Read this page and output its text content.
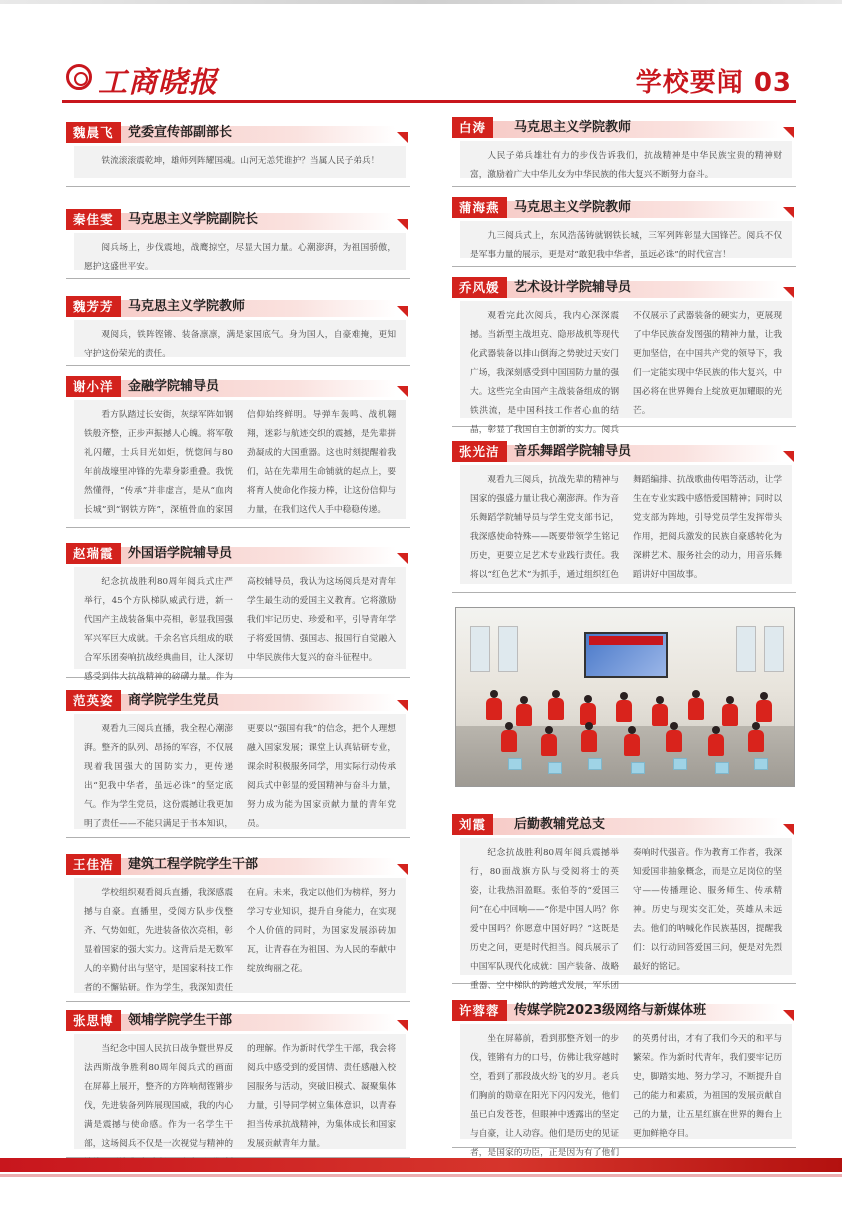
工商晓报	学校要闻 03
魏晨飞	党委宣传部副部长
铁流滚滚震乾坤，雄师列阵耀国魂。山河无恙凭谁护？当属人民子弟兵！
秦佳雯	马克思主义学院副院长
阅兵场上，步伐震地，战鹰掠空，尽显大国力量。心潮澎湃，为祖国骄傲，愿护这盛世平安。
魏芳芳	马克思主义学院教师
观阅兵，铁阵铿锵、装备凛凛，满是家国底气。身为国人，自豪难掩，更知守护这份荣光的责任。
谢小洋	金融学院辅导员
看方队踏过长安街，灰绿军阵如钢铁般齐整，正步声振撼人心魄。将军敬礼闪耀，士兵目光如炬，恍惚间与80年前战壕里冲锋的先辈身影重叠。我恍然懂得，“传承”并非虚言，是从“血肉长城”到“钢铁方阵”，深植骨血的家国信仰始终鲜明。导弹车轰鸣、战机翱翔，迷彩与航迹交织的震撼，是先辈拼劲凝成的大国重器。这也时刻提醒着我们，站在先辈用生命铺就的起点上，要将育人使命化作接力棒，让这份信仰与力量，在我们这代人手中稳稳传递。
赵瑞霞	外国语学院辅导员
纪念抗战胜利80周年阅兵式庄严举行，45个方队梯队威武行进，新一代国产主战装备集中亮相，彰显我国强军兴军巨大成就。千余名官兵组成的联合军乐团奏响抗战经典曲目，让人深切感受到伟大抗战精神的磅礴力量。作为高校辅导员，我认为这场阅兵是对青年学生最生动的爱国主义教育。它将激励我们牢记历史、珍爱和平，引导青年学子将爱国情、强国志、报国行自觉融入中华民族伟大复兴的奋斗征程中。
范英姿	商学院学生党员
观看九三阅兵直播，我全程心潮澎湃。整齐的队列、昂扬的军容，不仅展现着我国强大的国防实力，更传递出“犯我中华者，虽远必诛”的坚定底气。作为学生党员，这份震撼让我更加明了责任——不能只满足于书本知识，更要以“强国有我”的信念，把个人理想融入国家发展；课堂上认真钻研专业，课余时积极服务同学，用实际行动传承阅兵式中彰显的爱国精神与奋斗力量，努力成为能为国家贡献力量的青年党员。
王佳浩	建筑工程学院学生干部
学校组织观看阅兵直播，我深感震撼与自豪。直播里，受阅方队步伐整齐、气势如虹，先进装备依次亮相，彰显着国家的强大实力。这背后是无数军人的辛勤付出与坚守，是国家科技工作者的不懈钻研。作为学生，我深知责任在肩。未来，我定以他们为榜样，努力学习专业知识，提升自身能力，在实现个人价值的同时，为国家发展添砖加瓦，让青春在为祖国、为人民的奉献中绽放绚丽之花。
张思博	领埔学院学生干部
当纪念中国人民抗日战争暨世界反法西斯战争胜利80周年阅兵式的画面在屏幕上展开，整齐的方阵响彻铿锵步伐，先进装备列阵展现国威，我的内心满是震撼与使命感。作为一名学生干部，这场阅兵不仅是一次视觉与精神的 的理解。作为新时代学生干部，我会将阅兵中感受到的爱国情、责任感融入校园服务与活动，突破旧模式、凝聚集体力量，引导同学树立集体意识，以青春担当传承抗战精神，为集体成长和国家发展贡献青年力量。
白涛	马克思主义学院教师
人民子弟兵雄壮有力的步伐告诉我们，抗战精神是中华民族宝贵的精神财富，激励着广大中华儿女为中华民族的伟大复兴不断努力奋斗。
蒲海燕	马克思主义学院教师
九三阅兵式上，东风浩荡铸就钢铁长城，三军列阵彰显大国锋芒。阅兵不仅是军事力量的展示，更是对“敢犯我中华者，虽远必诛”的时代宣言！
乔风媛	艺术设计学院辅导员
观看完此次阅兵，我内心深深震撼。当新型主战坦克、隐形战机等现代化武器装备以排山倒海之势驶过天安门广场，我深刻感受到中国国防力量的强大。这些完全由国产主战装备组成的钢铁洪流，是中国科技工作者心血的结晶，彰显了我国自主创新的实力。阅兵不仅展示了武器装备的硬实力，更展现了中华民族奋发图强的精神力量，让我更加坚信，在中国共产党的领导下，我们一定能实现中华民族的伟大复兴，中国必将在世界舞台上绽放更加耀眼的光芒。
张光洁	音乐舞蹈学院辅导员
观看九三阅兵，抗战先辈的精神与国家的强盛力量让我心潮澎湃。作为音乐舞蹈学院辅导员与学生党支部书记，我深感使命特殊——既要带领学生铭记历史，更要立足艺术专业践行责任。我将以“红色艺术”为抓手，通过组织红色舞蹈编排、抗战歌曲传唱等活动，让学生在专业实践中感悟爱国精神；同时以党支部为阵地，引导党员学生发挥带头作用，把阅兵激发的民族自豪感转化为深耕艺术、服务社会的动力，用音乐舞蹈讲好中国故事。
刘霞	后勤教辅党总支
纪念抗战胜利80周年阅兵震撼举行，80面战旗方队与受阅将士的英姿，让我热泪盈眶。张伯苓的“爱国三问”在心中回响——“你是中国人吗？你爱中国吗？你愿意中国好吗？”这既是历史之问，更是时代担当。阅兵展示了中国军队现代化成就：国产装备、战略重器、空中梯队的跨越式发展，军乐团奏响时代强音。作为教育工作者，我深知爱国非抽象概念，而是立足岗位的坚守——传播理论、服务师生、传承精神。历史与现实交汇处，英雄从未远去。他们的呐喊化作民族基因，提醒我们：以行动回答爱国三问，便是对先烈最好的铭记。
许蓉蓉	传媒学院2023级网络与新媒体班
坐在屏幕前，看到那整齐划一的步伐，铿锵有力的口号，仿佛让我穿越时空，看到了那段战火纷飞的岁月。老兵们胸前的勋章在阳光下闪闪发光，他们虽已白发苍苍，但眼神中透露出的坚定与自豪，让人动容。他们是历史的见证者，是国家的功臣，正是因为有了他们的英勇付出，才有了我们今天的和平与繁荣。作为新时代青年，我们要牢记历史，脚踏实地、努力学习，不断提升自己的能力和素质，为祖国的发展贡献自己的力量，让五星红旗在世界的舞台上更加鲜艳夺目。
